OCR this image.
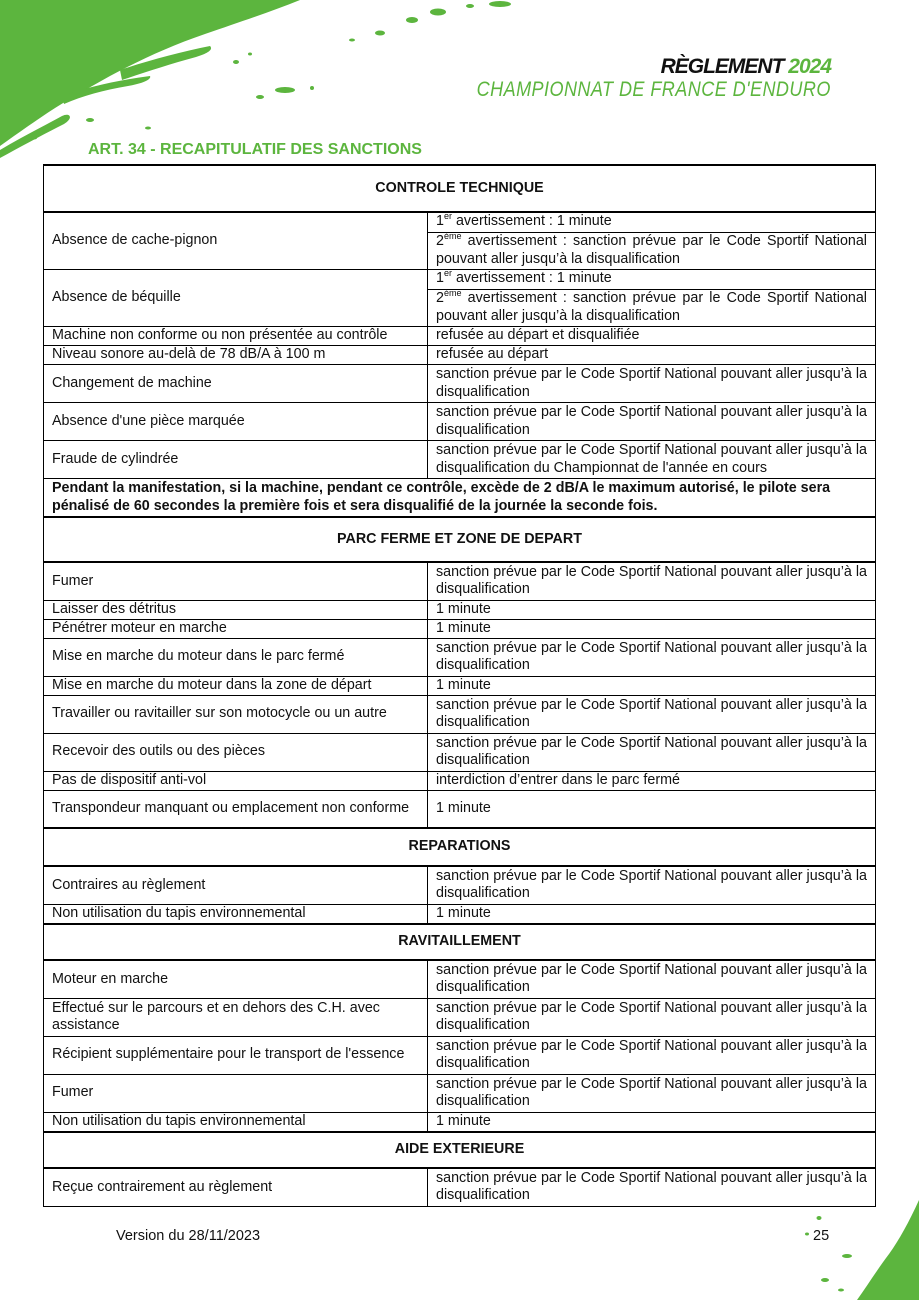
RÈGLEMENT 2024
CHAMPIONNAT DE FRANCE D'ENDURO
ART. 34 - RECAPITULATIF DES SANCTIONS
CONTROLE TECHNIQUE	
Absence de cache-pignon	1er avertissement : 1 minute
2ème avertissement : sanction prévue par le Code Sportif National pouvant aller jusqu’à la disqualification

Absence de béquille	1er avertissement : 1 minute
2ème avertissement : sanction prévue par le Code Sportif National pouvant aller jusqu’à la disqualification

Machine non conforme ou non présentée au contrôle	refusée au départ et disqualifiée
Niveau sonore au-delà de 78 dB/A à 100 m	refusée au départ
Changement de machine	sanction prévue par le Code Sportif National pouvant aller jusqu’à la disqualification
Absence d'une pièce marquée	sanction prévue par le Code Sportif National pouvant aller jusqu’à la disqualification
Fraude de cylindrée	sanction prévue par le Code Sportif National pouvant aller jusqu’à la disqualification du Championnat de l'année en cours
Pendant la manifestation, si la machine, pendant ce contrôle, excède de 2 dB/A le maximum autorisé, le pilote sera pénalisé de 60 secondes la première fois et sera disqualifié de la journée la seconde fois.	
PARC FERME ET ZONE DE DEPART	
Fumer	sanction prévue par le Code Sportif National pouvant aller jusqu’à la disqualification
Laisser des détritus	1 minute
Pénétrer moteur en marche	1 minute
Mise en marche du moteur dans le parc fermé	sanction prévue par le Code Sportif National pouvant aller jusqu’à la disqualification
Mise en marche du moteur dans la zone de départ	1 minute
Travailler ou ravitailler sur son motocycle ou un autre	sanction prévue par le Code Sportif National pouvant aller jusqu’à la disqualification
Recevoir des outils ou des pièces	sanction prévue par le Code Sportif National pouvant aller jusqu’à la disqualification
Pas de dispositif anti-vol	interdiction d’entrer dans le parc fermé
Transpondeur manquant ou emplacement non conforme	1 minute
REPARATIONS	
Contraires au règlement	sanction prévue par le Code Sportif National pouvant aller jusqu’à la disqualification
Non utilisation du tapis environnemental	1 minute
RAVITAILLEMENT	
Moteur en marche	sanction prévue par le Code Sportif National pouvant aller jusqu’à la disqualification
Effectué sur le parcours et en dehors des C.H. avec assistance	sanction prévue par le Code Sportif National pouvant aller jusqu’à la disqualification
Récipient supplémentaire pour le transport de l'essence	sanction prévue par le Code Sportif National pouvant aller jusqu’à la disqualification
Fumer	sanction prévue par le Code Sportif National pouvant aller jusqu’à la disqualification
Non utilisation du tapis environnemental	1 minute
AIDE EXTERIEURE	
Reçue contrairement au règlement	sanction prévue par le Code Sportif National pouvant aller jusqu’à la disqualification
Version du 28/11/2023	25
